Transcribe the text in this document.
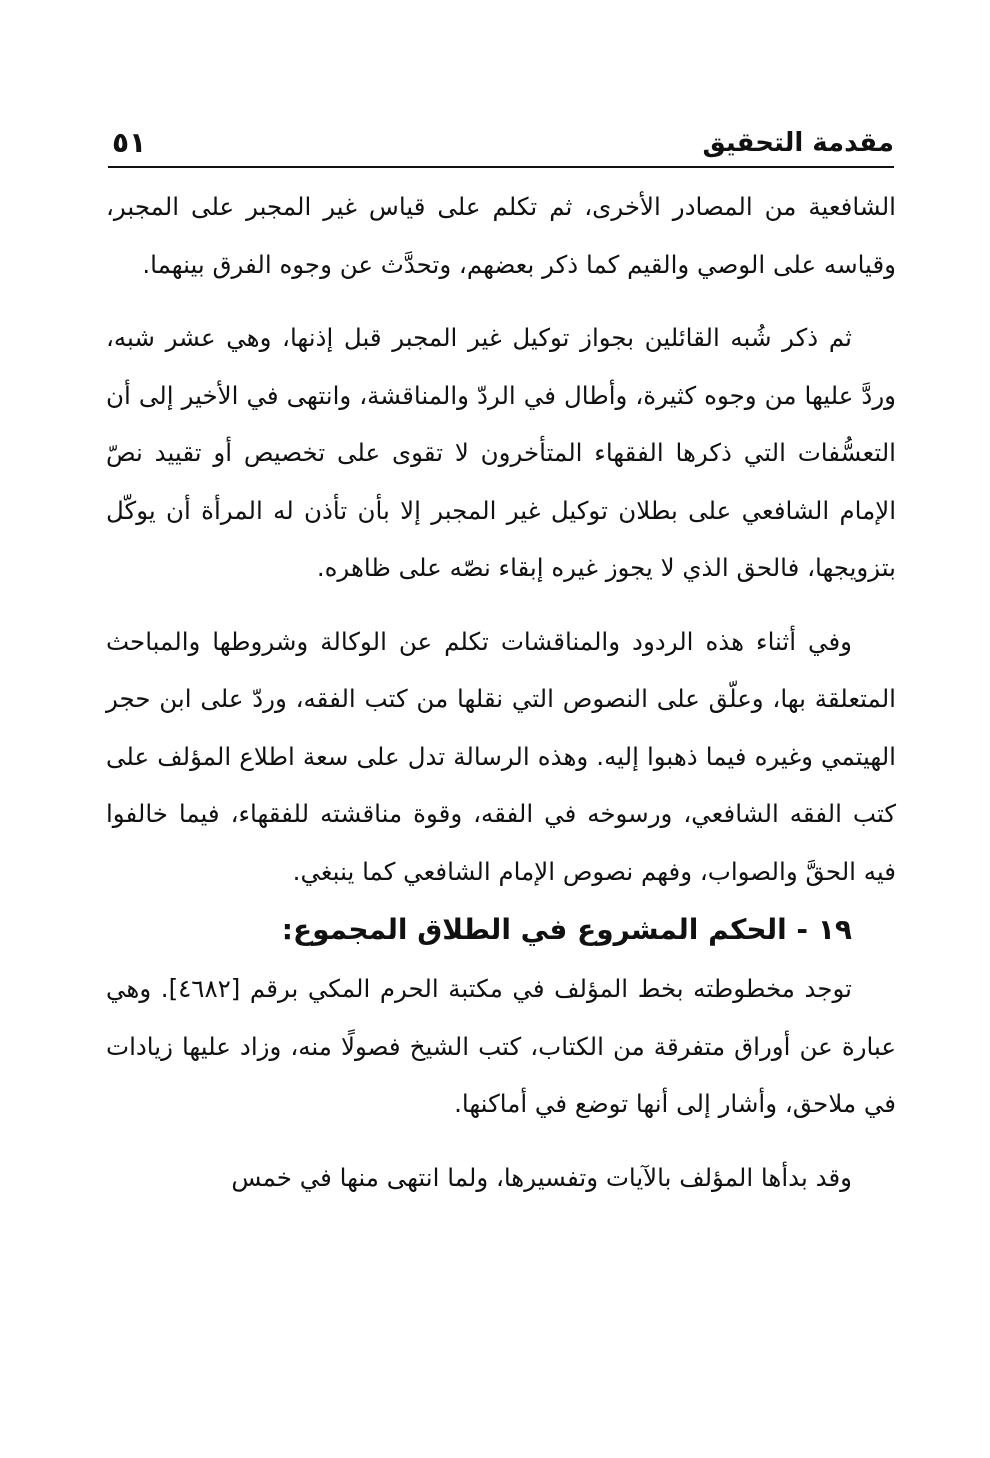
مقدمة التحقيق
٥١

الشافعية من المصادر الأخرى، ثم تكلم على قياس غير المجبر على المجبر، وقياسه على الوصي والقيم كما ذكر بعضهم، وتحدَّث عن وجوه الفرق بينهما.

ثم ذكر شُبه القائلين بجواز توكيل غير المجبر قبل إذنها، وهي عشر شبه، وردَّ عليها من وجوه كثيرة، وأطال في الردّ والمناقشة، وانتهى في الأخير إلى أن التعسُّفات التي ذكرها الفقهاء المتأخرون لا تقوى على تخصيص أو تقييد نصّ الإمام الشافعي على بطلان توكيل غير المجبر إلا بأن تأذن له المرأة أن يوكّل بتزويجها، فالحق الذي لا يجوز غيره إبقاء نصّه على ظاهره.

وفي أثناء هذه الردود والمناقشات تكلم عن الوكالة وشروطها والمباحث المتعلقة بها، وعلّق على النصوص التي نقلها من كتب الفقه، وردّ على ابن حجر الهيتمي وغيره فيما ذهبوا إليه. وهذه الرسالة تدل على سعة اطلاع المؤلف على كتب الفقه الشافعي، ورسوخه في الفقه، وقوة مناقشته للفقهاء، فيما خالفوا فيه الحقَّ والصواب، وفهم نصوص الإمام الشافعي كما ينبغي.

١٩ - الحكم المشروع في الطلاق المجموع:

توجد مخطوطته بخط المؤلف في مكتبة الحرم المكي برقم [٤٦٨٢]. وهي عبارة عن أوراق متفرقة من الكتاب، كتب الشيخ فصولًا منه، وزاد عليها زيادات في ملاحق، وأشار إلى أنها توضع في أماكنها.

وقد بدأها المؤلف بالآيات وتفسيرها، ولما انتهى منها في خمس
